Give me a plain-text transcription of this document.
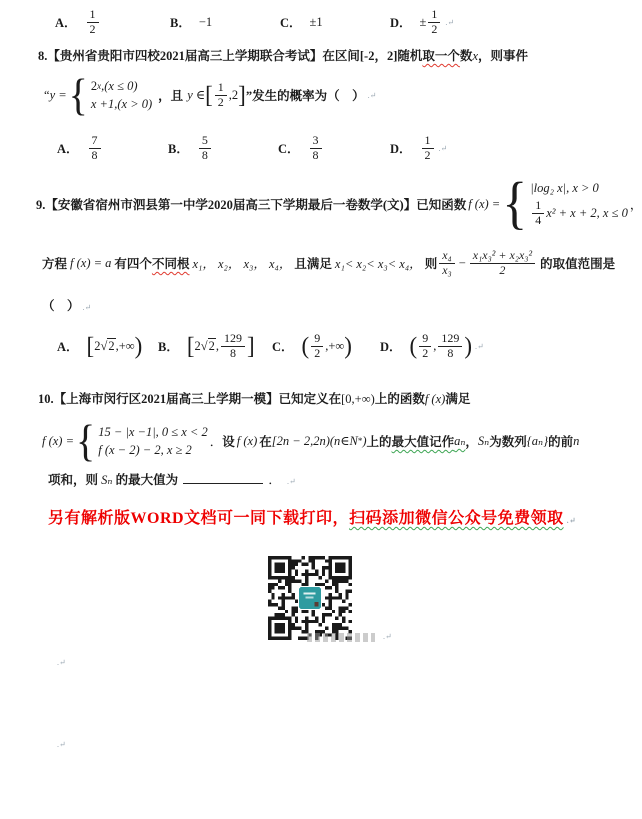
A． $\frac{1}{2}$	B． −1	C． ±1	D． ± $\frac{1}{2}$ .↵
8.【贵州省贵阳市四校2021届高三上学期联合考试】在区间[-2，2]随机取一个数x，则事件
“ y = { 2 x ,(x ≤ 0)
x +1,(x > 0)
，且 y ∈ [ $\frac{1}{2} ,2$ ] ”发生的概率为（　） .↵
A． $\frac{7}{8}$	B． $\frac{5}{8}$	C． $\frac{3}{8}$	D． $\frac{1}{2}$ .↵
9.【安徽省宿州市泗县第一中学2020届高三下学期最后一卷数学(文)】已知函数 f (x) = { |log₂ x|, x > 0
$\frac{1}{4} x^2 + x + 2$, x ≤ 0
，
方程 f (x) = a 有四个 不同根 x₁， x₂， x₃， x₄， 且满足 x₁< x₂< x₃< x₄， 则 $\frac{\text{x₄}}{\text{x₃}} - \frac{\text{x₁x₃² + x₂x₃²}}{2}$ 的取值范围是
（　） .↵
A． [ 2 √ 2 ,+∞ ) B． [ 2 √ 2 , $\frac{129}{8}$ ] C． ( $\frac{9}{2}$ ,+∞ ) D． ( $\frac{9}{2}$ , $\frac{129}{8}$ ) .↵
10.【上海市闵行区2021届高三上学期一模】已知定义在[0,+∞)上的函数f (x)满足
f (x) = { 15 − |x −1|, 0 ≤ x < 2
f (x − 2) − 2, x ≥ 2
． 设 f (x) 在 [2n − 2,2n)(n∈N * ) 上的 最大值记作 aₙ ， Sₙ 为数列 {aₙ} 的前 n
项和，则 Sₙ 的最大值为	． .↵
另有解析版WORD文档可一同下载打印，扫码添加微信公众号免费领取 .↵
.↵
.↵
.↵
